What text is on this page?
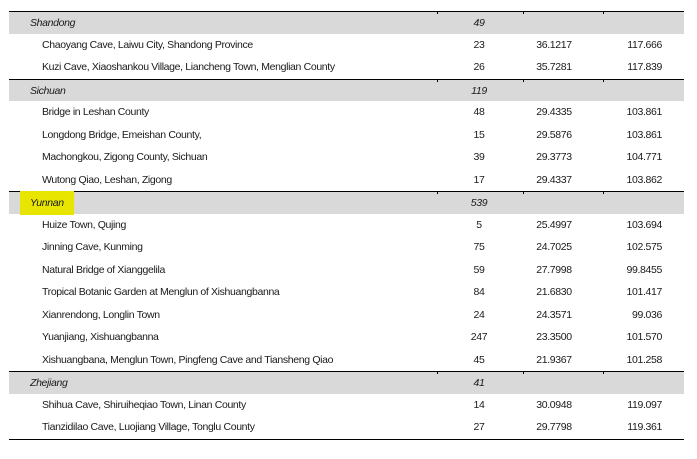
Shandong	49
Chaoyang Cave, Laiwu City, Shandong Province	23	36.1217	117.666
Kuzi Cave, Xiaoshankou Village, Liancheng Town, Menglian County	26	35.7281	117.839
Sichuan	119
Bridge in Leshan County	48	29.4335	103.861
Longdong Bridge, Emeishan County,	15	29.5876	103.861
Machongkou, Zigong County, Sichuan	39	29.3773	104.771
Wutong Qiao, Leshan, Zigong	17	29.4337	103.862
Yunnan	539
Huize Town, Qujing	5	25.4997	103.694
Jinning Cave, Kunming	75	24.7025	102.575
Natural Bridge of Xianggelila	59	27.7998	99.8455
Tropical Botanic Garden at Menglun of Xishuangbanna	84	21.6830	101.417
Xianrendong, Longlin Town	24	24.3571	99.036
Yuanjiang, Xishuangbanna	247	23.3500	101.570
Xishuangbana, Menglun Town, Pingfeng Cave and Tiansheng Qiao	45	21.9367	101.258
Zhejiang	41
Shihua Cave, Shiruiheqiao Town, Linan County	14	30.0948	119.097
Tianzidilao Cave, Luojiang Village, Tonglu County	27	29.7798	119.361
